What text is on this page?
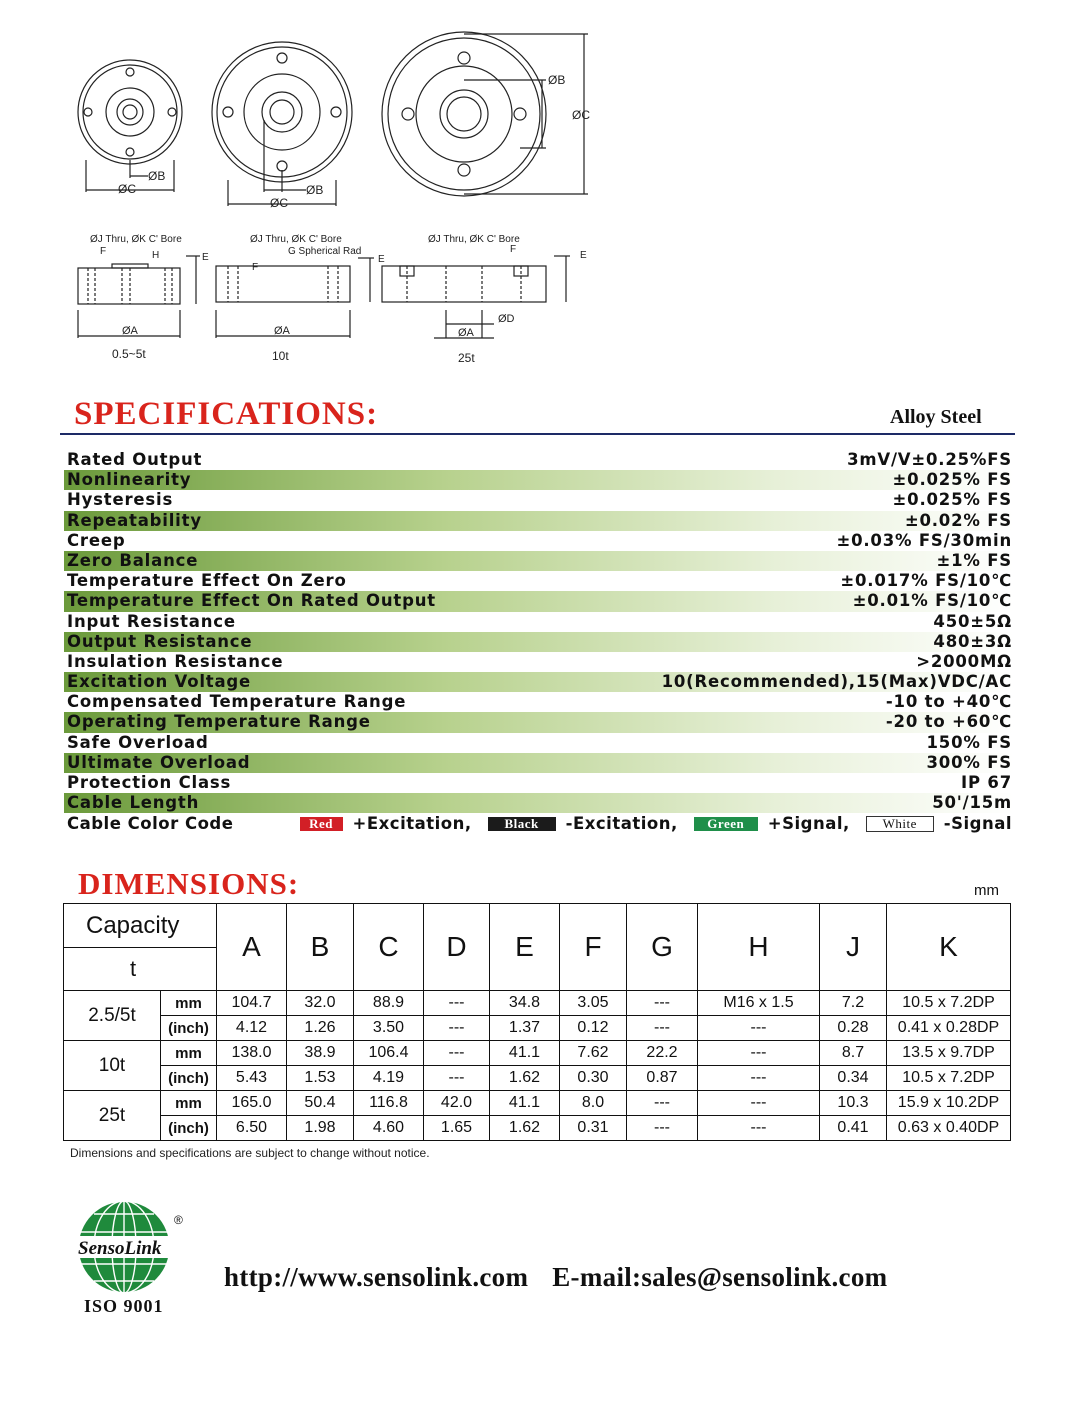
ØB
ØC	ØB
ØC
ØB
ØC
ØJ Thru, ØK C' Bore	ØJ Thru, ØK C' Bore	ØJ Thru, ØK C' Bore
G Spherical Rad
F	H	E
F
E
F
E
ØA	ØA	ØA
ØD
0.5~5t	10t	25t
SPECIFICATIONS:	Alloy Steel
Rated Output	3mV/V±0.25%FS
Nonlinearity	±0.025% FS
Hysteresis	±0.025% FS
Repeatability	±0.02% FS
Creep	±0.03% FS/30min
Zero Balance	±1% FS
Temperature Effect On Zero	±0.017% FS/10℃
Temperature Effect On Rated Output	±0.01% FS/10℃
Input Resistance	450±5Ω
Output Resistance	480±3Ω
Insulation Resistance	>2000MΩ
Excitation Voltage	10(Recommended),15(Max)VDC/AC
Compensated Temperature Range	-10 to +40℃
Operating Temperature Range	-20 to +60℃
Safe Overload	150% FS
Ultimate Overload	300% FS
Protection Class	IP 67
Cable Length	50'/15m
Cable Color Code	Red	+Excitation,	Black	-Excitation,	Green	+Signal,	White	-Signal
DIMENSIONS:	mm
Capacity
t		A	B	C	D	E	F	G	H	J	K
2.5/5t	mm	104.7	32.0	88.9	---	34.8	3.05	---	M16 x 1.5	7.2	10.5 x 7.2DP
	(inch)	4.12	1.26	3.50	---	1.37	0.12	---	---	0.28	0.41 x 0.28DP
10t	mm	138.0	38.9	106.4	---	41.1	7.62	22.2	---	8.7	13.5 x 9.7DP
	(inch)	5.43	1.53	4.19	---	1.62	0.30	0.87	---	0.34	10.5 x 7.2DP
25t	mm	165.0	50.4	116.8	42.0	41.1	8.0	---	---	10.3	15.9 x 10.2DP
	(inch)	6.50	1.98	4.60	1.65	1.62	0.31	---	---	0.41	0.63 x 0.40DP
Dimensions and specifications are subject to change without notice.
SensoLink
®
ISO 9001
http://www.sensolink.com E-mail:sales@sensolink.com
